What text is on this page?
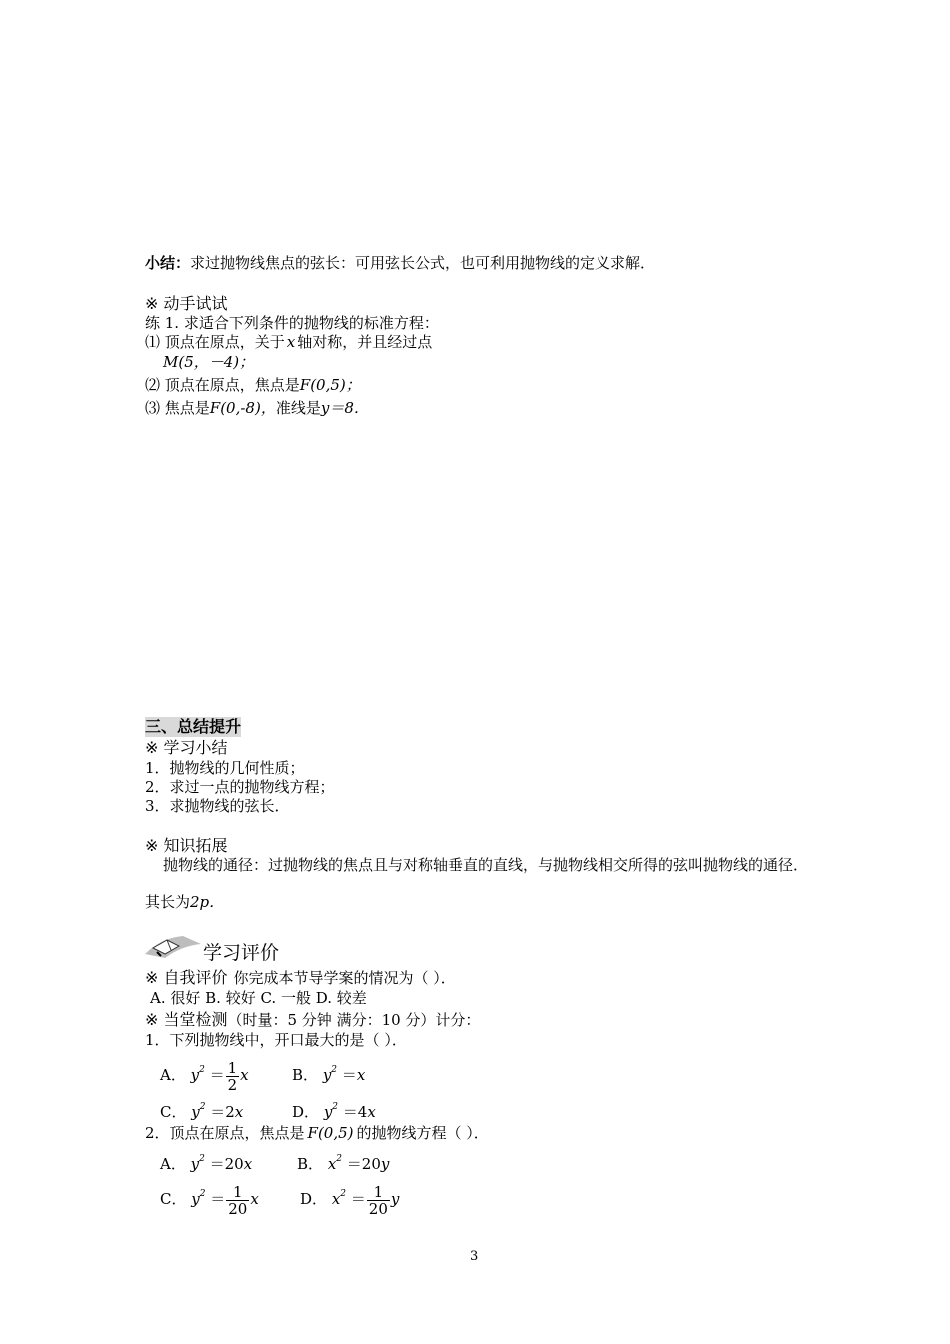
小结：求过抛物线焦点的弦长：可用弦长公式，也可利用抛物线的定义求解．
※ 动手试试
练 1. 求适合下列条件的抛物线的标准方程：
⑴ 顶点在原点，关于 x 轴对称，并且经过点
M(5，－4)；
⑵ 顶点在原点，焦点是F(0,5)；
⑶ 焦点是F(0,-8)，准线是y＝8．
三、总结提升
※ 学习小结
1．抛物线的几何性质；
2．求过一点的抛物线方程；
3．求抛物线的弦长．
※ 知识拓展
抛物线的通径：过抛物线的焦点且与对称轴垂直的直线，与抛物线相交所得的弦叫抛物线的通径．
其长为2p．
学习评价
※ 自我评价 你完成本节导学案的情况为（ ）．
A. 很好 B. 较好 C. 一般 D. 较差
※ 当堂检测（时量：5 分钟 满分：10 分）计分：
1．下列抛物线中，开口最大的是（ ）．
A． $y^2 = \frac{1}{2}$ x	B． $y^2 =x$
C． $y^2 =2x$	D． $y^2 =4x$
2．顶点在原点，焦点是 F(0,5) 的抛物线方程（ ）．
A． $y^2 =20x$	B． $x^2 =20y$
C． $y^2 = \frac{1}{20}$ x	D． $x^2 = \frac{1}{20}$ y
3
